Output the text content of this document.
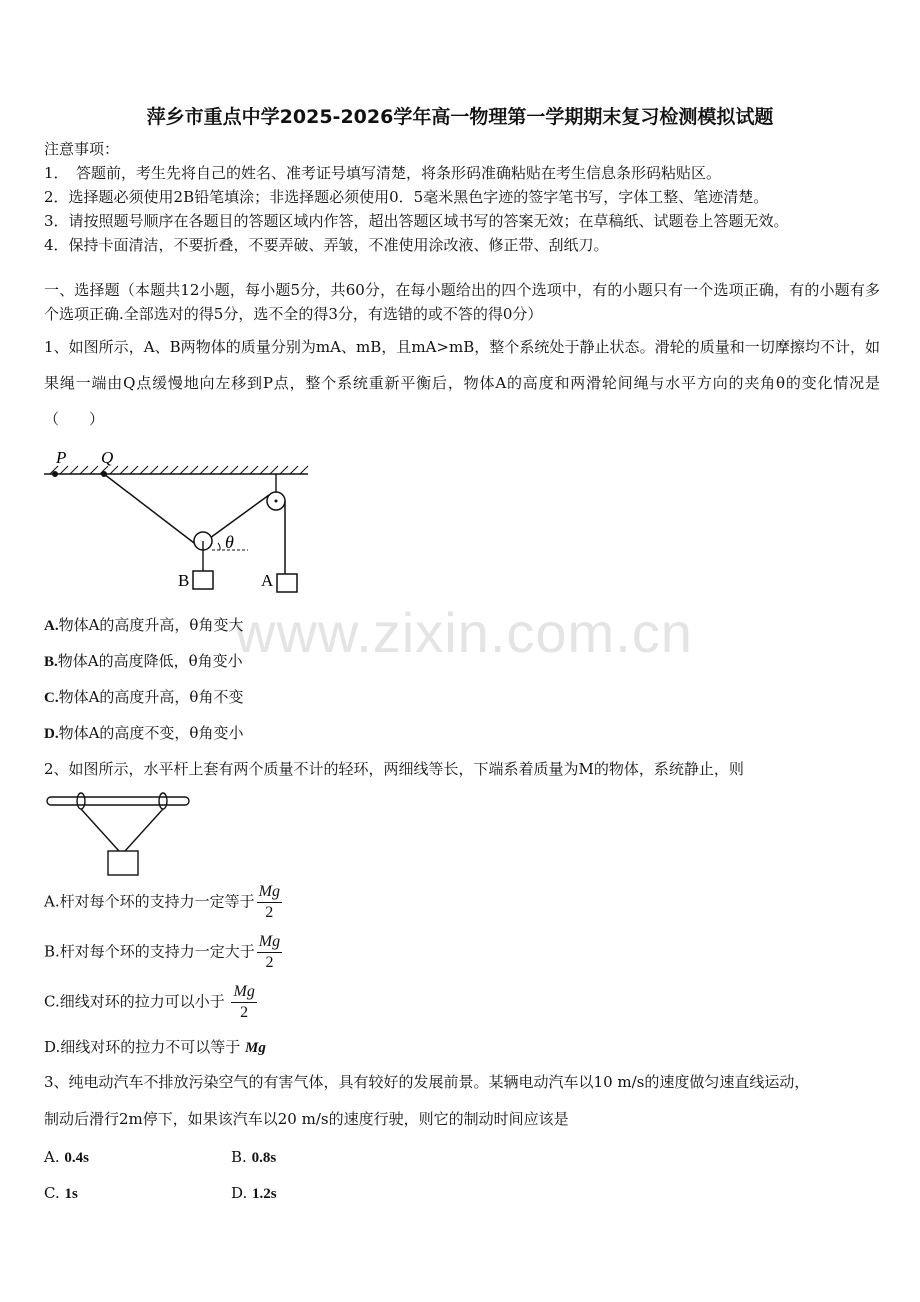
www.zixin.com.cn
萍乡市重点中学2025-2026学年高一物理第一学期期末复习检测模拟试题
注意事项：
1．　答题前，考生先将自己的姓名、准考证号填写清楚，将条形码准确粘贴在考生信息条形码粘贴区。
2．选择题必须使用2B铅笔填涂；非选择题必须使用0．5毫米黑色字迹的签字笔书写，字体工整、笔迹清楚。
3．请按照题号顺序在各题目的答题区域内作答，超出答题区域书写的答案无效；在草稿纸、试题卷上答题无效。
4．保持卡面清洁，不要折叠，不要弄破、弄皱，不准使用涂改液、修正带、刮纸刀。
一、选择题（本题共12小题，每小题5分，共60分，在每小题给出的四个选项中，有的小题只有一个选项正确，有的小题有多个选项正确.全部选对的得5分，选不全的得3分，有选错的或不答的得0分）
1、如图所示，A、B两物体的质量分别为mA、mB，且mA>mB，整个系统处于静止状态。滑轮的质量和一切摩擦均不计，如果绳一端由Q点缓慢地向左移到P点，整个系统重新平衡后，物体A的高度和两滑轮间绳与水平方向的夹角θ的变化情况是（　　）
P Q
θ
B	A
A.物体A的高度升高，θ角变大
B.物体A的高度降低，θ角变小
C.物体A的高度升高，θ角不变
D.物体A的高度不变，θ角变小
2、如图所示，水平杆上套有两个质量不计的轻环，两细线等长，下端系着质量为M的物体，系统静止，则
A.杆对每个环的支持力一定等于 $\frac{Mg}{2}$
B.杆对每个环的支持力一定大于 $\frac{Mg}{2}$
C.细线对环的拉力可以小于 $\frac{Mg}{2}$
D.细线对环的拉力不可以等于 Mg
3、纯电动汽车不排放污染空气的有害气体，具有较好的发展前景。某辆电动汽车以10 m/s的速度做匀速直线运动，
制动后滑行2m停下，如果该汽车以20 m/s的速度行驶，则它的制动时间应该是
A. 0.4s	B. 0.8s
C. 1s	D. 1.2s
